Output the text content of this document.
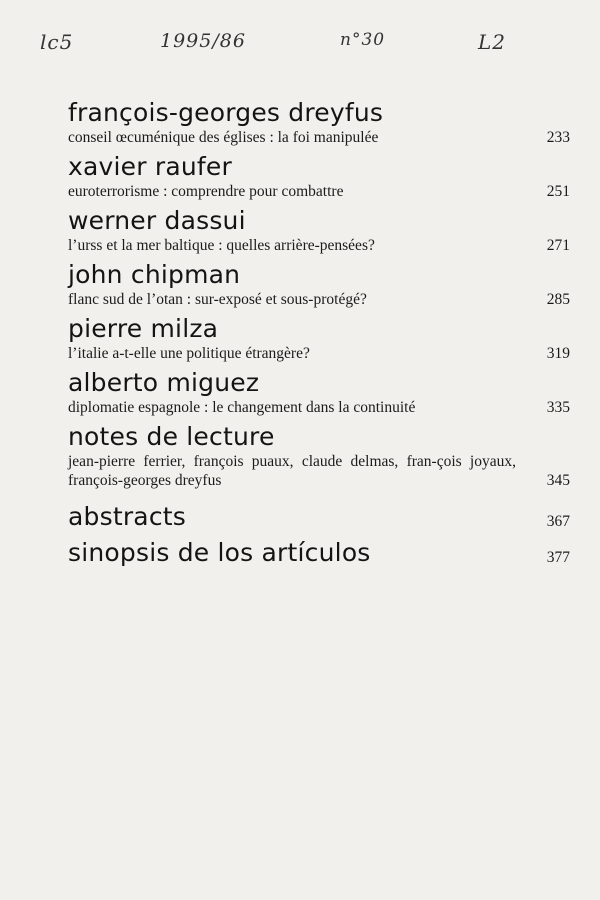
lc5	1995/86	n°30	L2
françois-georges dreyfus
conseil œcuménique des églises : la foi manipulée	233
xavier raufer
euroterrorisme : comprendre pour combattre	251
werner dassui
l’urss et la mer baltique : quelles arrière-pensées?	271
john chipman
flanc sud de l’otan : sur-exposé et sous-protégé?	285
pierre milza
l’italie a-t-elle une politique étrangère?	319
alberto miguez
diplomatie espagnole : le changement dans la continuité	335
notes de lecture
jean-pierre ferrier, françois puaux, claude delmas, fran-çois joyaux, françois-georges dreyfus	345
abstracts	367
sinopsis de los artículos	377
